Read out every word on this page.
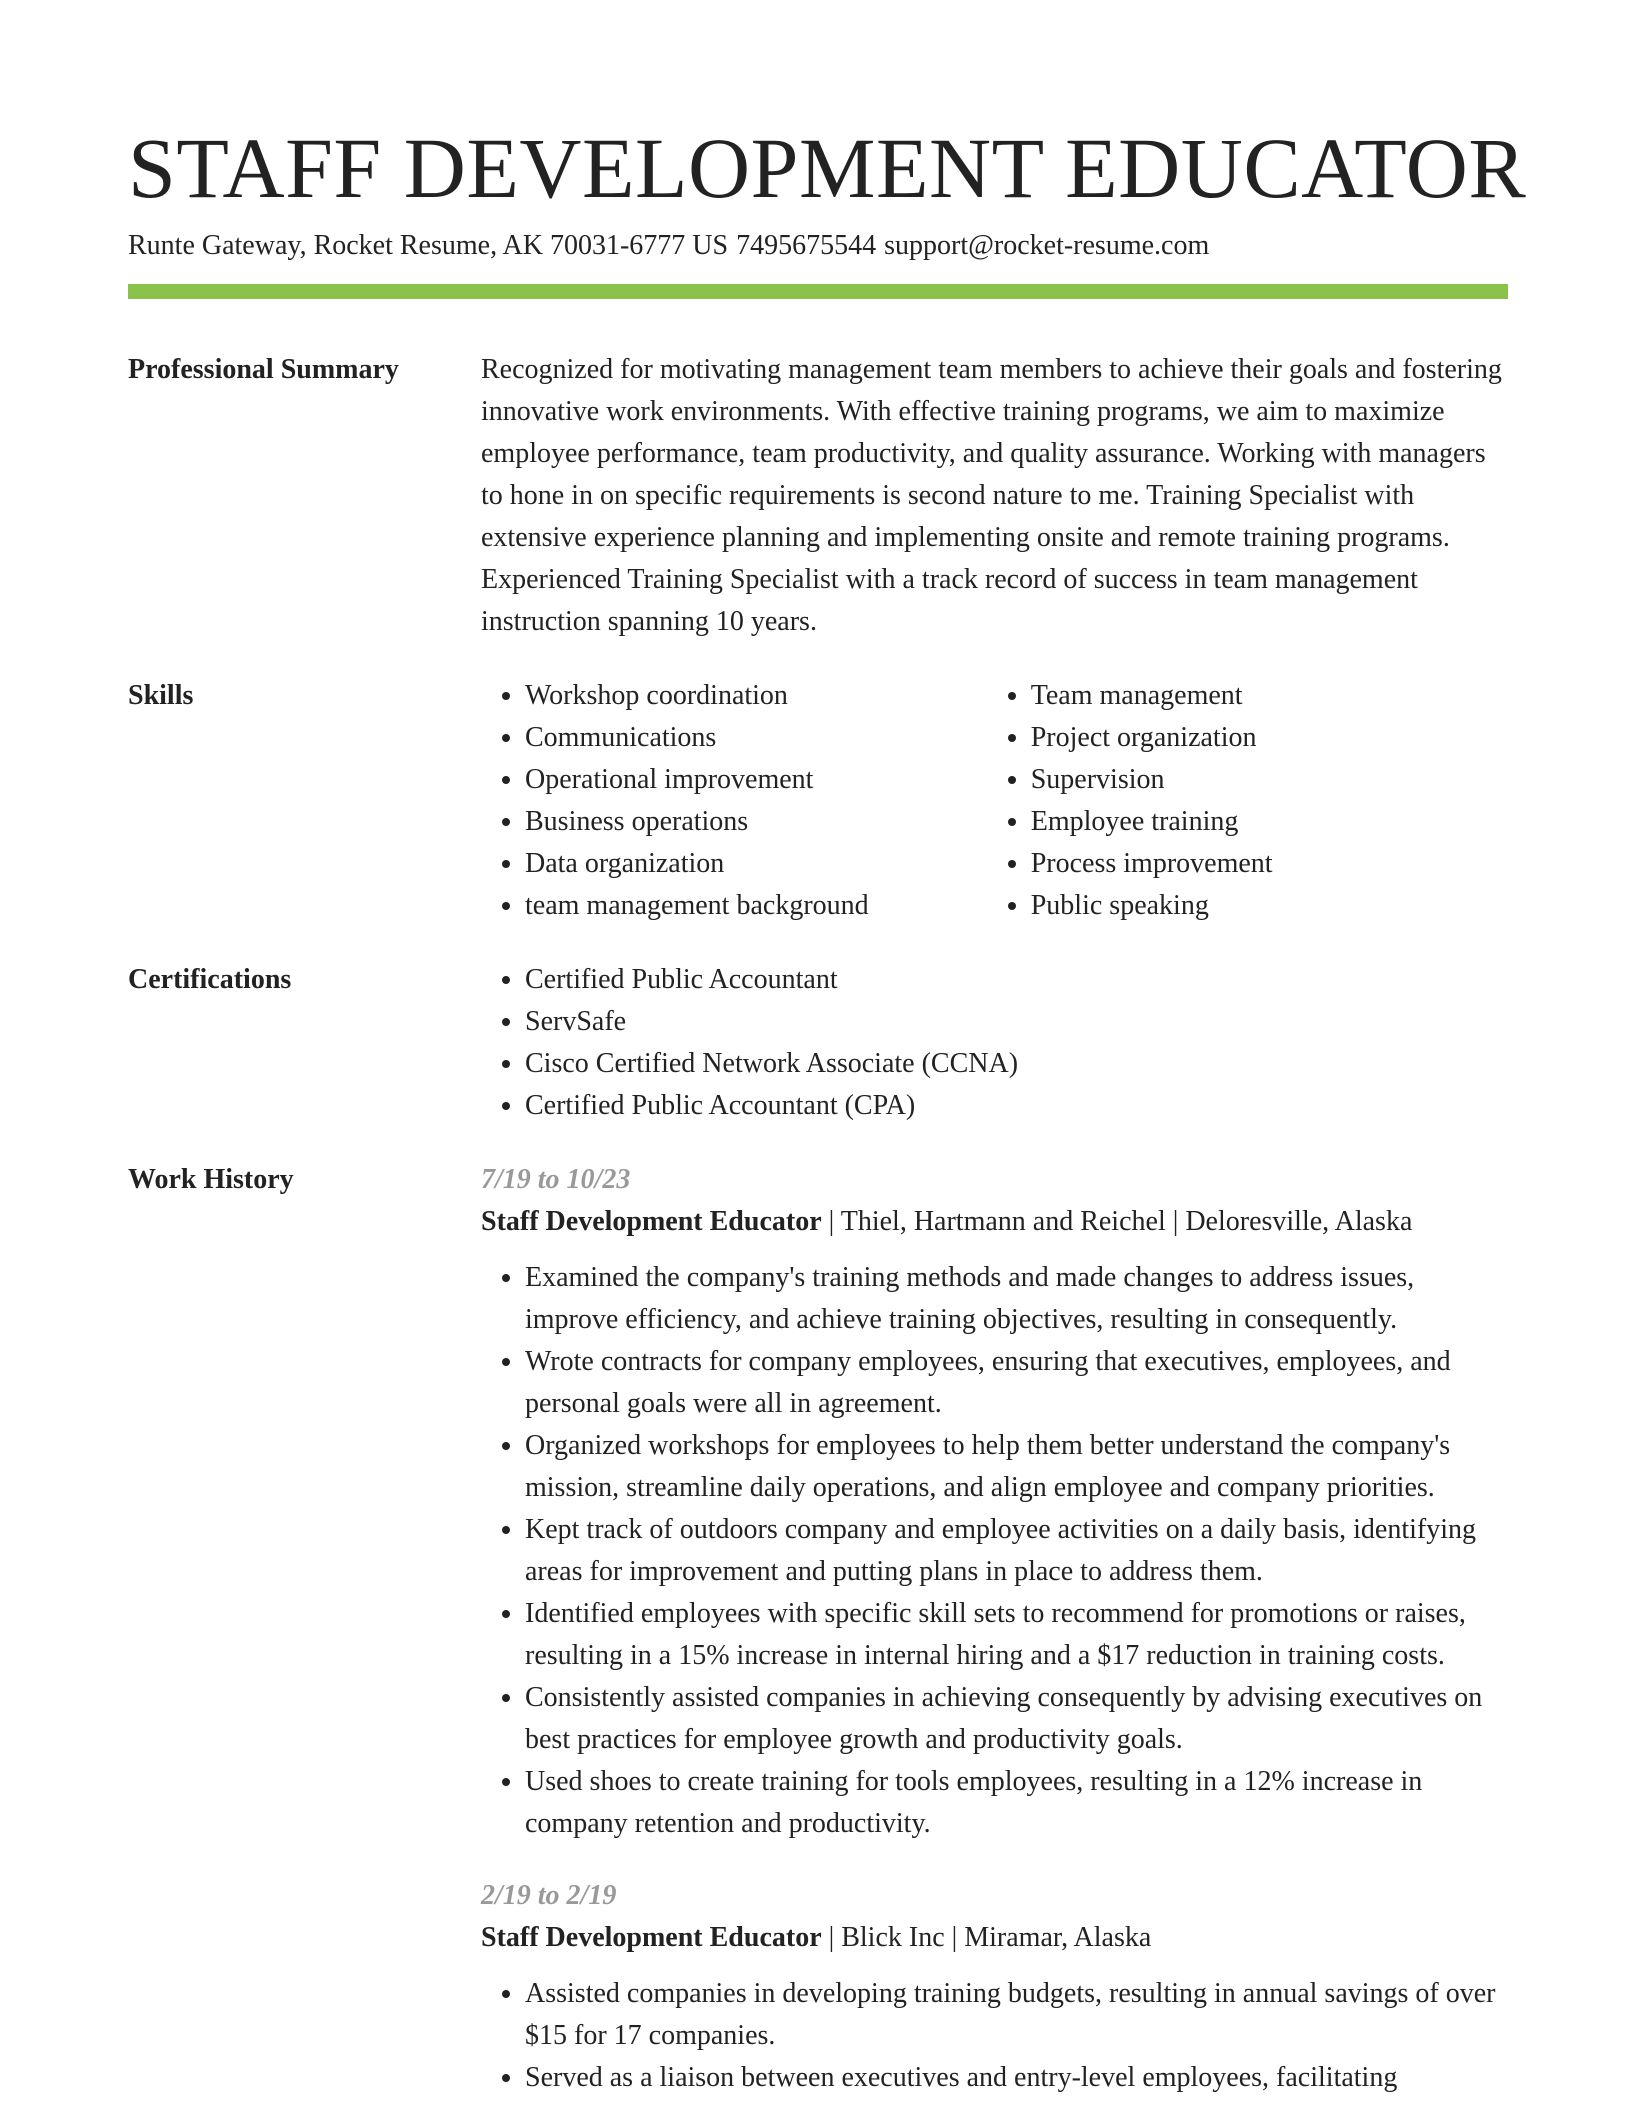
STAFF DEVELOPMENT EDUCATOR
Runte Gateway, Rocket Resume, AK 70031-6777 US 7495675544 support@rocket-resume.com
Professional Summary	Recognized for motivating management team members to achieve their goals and fostering innovative work environments. With effective training programs, we aim to maximize employee performance, team productivity, and quality assurance. Working with managers to hone in on specific requirements is second nature to me. Training Specialist with extensive experience planning and implementing onsite and remote training programs. Experienced Training Specialist with a track record of success in team management instruction spanning 10 years.
Skills	• Workshop coordination
• Communications
• Operational improvement
• Business operations
• Data organization
• team management background
• Team management
• Project organization
• Supervision
• Employee training
• Process improvement
• Public speaking
Certifications	• Certified Public Accountant
• ServSafe
• Cisco Certified Network Associate (CCNA)
• Certified Public Accountant (CPA)
Work History	7/19 to 10/23
Staff Development Educator | Thiel, Hartmann and Reichel | Deloresville, Alaska
• Examined the company's training methods and made changes to address issues, improve efficiency, and achieve training objectives, resulting in consequently.
• Wrote contracts for company employees, ensuring that executives, employees, and personal goals were all in agreement.
• Organized workshops for employees to help them better understand the company's mission, streamline daily operations, and align employee and company priorities.
• Kept track of outdoors company and employee activities on a daily basis, identifying areas for improvement and putting plans in place to address them.
• Identified employees with specific skill sets to recommend for promotions or raises, resulting in a 15% increase in internal hiring and a $17 reduction in training costs.
• Consistently assisted companies in achieving consequently by advising executives on best practices for employee growth and productivity goals.
• Used shoes to create training for tools employees, resulting in a 12% increase in company retention and productivity.
2/19 to 2/19
Staff Development Educator | Blick Inc | Miramar, Alaska
• Assisted companies in developing training budgets, resulting in annual savings of over $15 for 17 companies.
• Served as a liaison between executives and entry-level employees, facilitating
